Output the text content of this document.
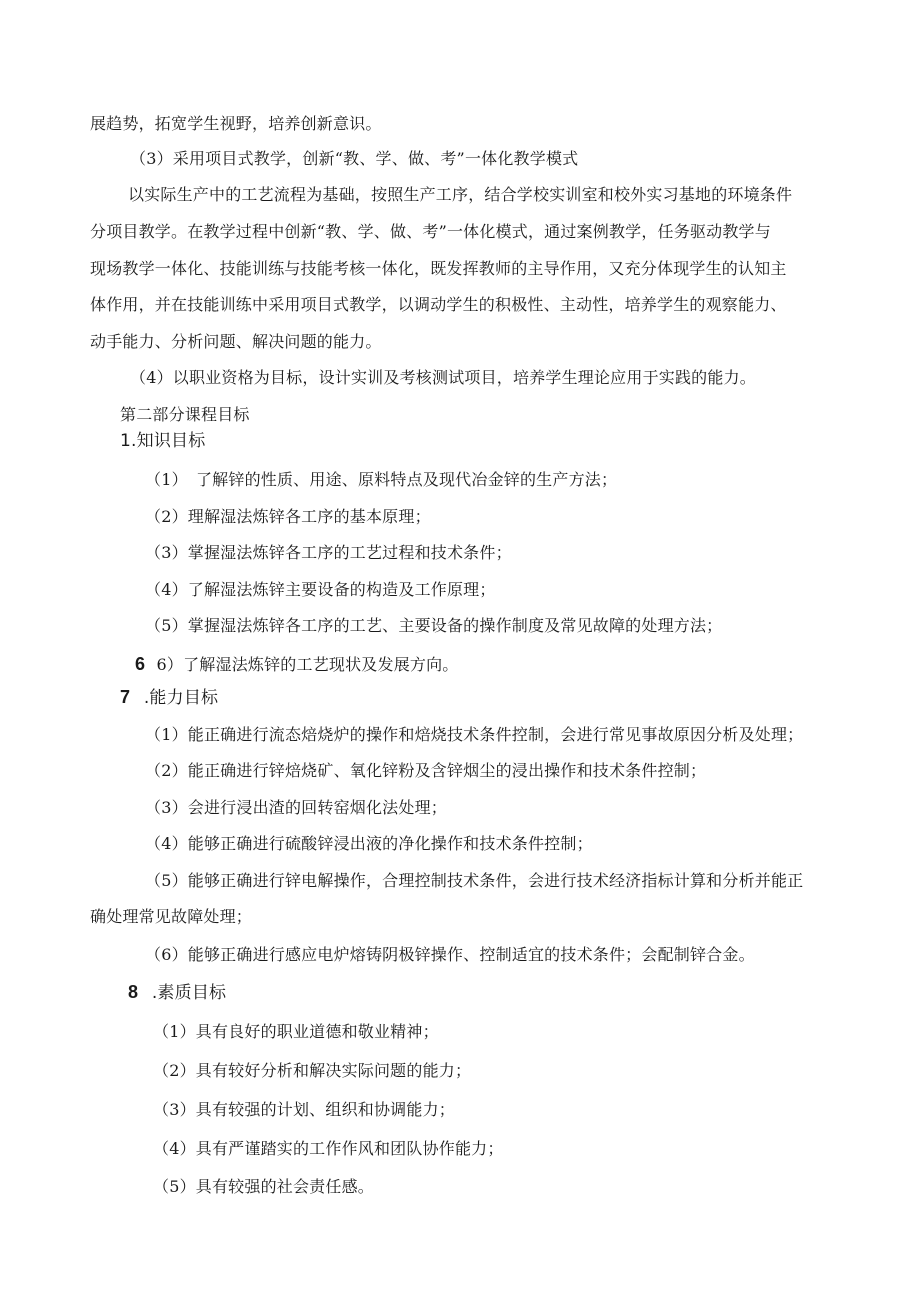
展趋势，拓宽学生视野，培养创新意识。
（3）采用项目式教学，创新“教、学、做、考”一体化教学模式
以实际生产中的工艺流程为基础，按照生产工序，结合学校实训室和校外实习基地的环境条件
分项目教学。在教学过程中创新“教、学、做、考”一体化模式，通过案例教学，任务驱动教学与
现场教学一体化、技能训练与技能考核一体化，既发挥教师的主导作用，又充分体现学生的认知主
体作用，并在技能训练中采用项目式教学，以调动学生的积极性、主动性，培养学生的观察能力、
动手能力、分析问题、解决问题的能力。
（4）以职业资格为目标，设计实训及考核测试项目，培养学生理论应用于实践的能力。
第二部分课程目标
1.知识目标
（1）　了解锌的性质、用途、原料特点及现代冶金锌的生产方法；
（2）理解湿法炼锌各工序的基本原理；
（3）掌握湿法炼锌各工序的工艺过程和技术条件；
（4）了解湿法炼锌主要设备的构造及工作原理；
（5）掌握湿法炼锌各工序的工艺、主要设备的操作制度及常见故障的处理方法；
6 6）了解湿法炼锌的工艺现状及发展方向。
7 .能力目标
（1）能正确进行流态焙烧炉的操作和焙烧技术条件控制，会进行常见事故原因分析及处理；
（2）能正确进行锌焙烧矿、氧化锌粉及含锌烟尘的浸出操作和技术条件控制；
（3）会进行浸出渣的回转窑烟化法处理；
（4）能够正确进行硫酸锌浸出液的净化操作和技术条件控制；
（5）能够正确进行锌电解操作，合理控制技术条件，会进行技术经济指标计算和分析并能正
确处理常见故障处理；
（6）能够正确进行感应电炉熔铸阴极锌操作、控制适宜的技术条件；会配制锌合金。
8 .素质目标
（1）具有良好的职业道德和敬业精神；
（2）具有较好分析和解决实际问题的能力；
（3）具有较强的计划、组织和协调能力；
（4）具有严谨踏实的工作作风和团队协作能力；
（5）具有较强的社会责任感。
